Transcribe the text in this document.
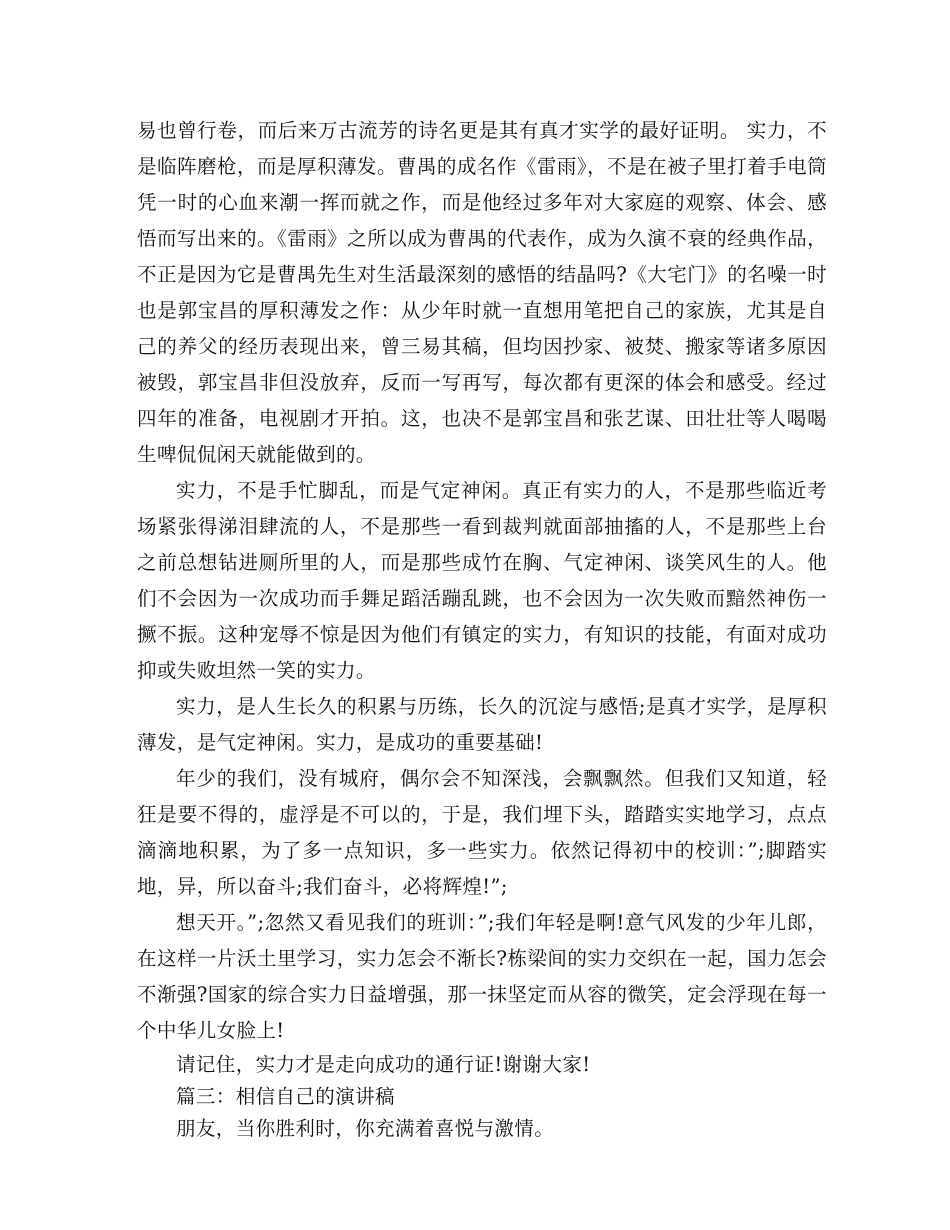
易也曾行卷，而后来万古流芳的诗名更是其有真才实学的最好证明。 实力，不是临阵磨枪，而是厚积薄发。曹禺的成名作《雷雨》，不是在被子里打着手电筒凭一时的心血来潮一挥而就之作，而是他经过多年对大家庭的观察、体会、感悟而写出来的。《雷雨》之所以成为曹禺的代表作，成为久演不衰的经典作品，不正是因为它是曹禺先生对生活最深刻的感悟的结晶吗?《大宅门》的名噪一时也是郭宝昌的厚积薄发之作：从少年时就一直想用笔把自己的家族，尤其是自己的养父的经历表现出来，曾三易其稿，但均因抄家、被焚、搬家等诸多原因被毁，郭宝昌非但没放弃，反而一写再写，每次都有更深的体会和感受。经过四年的准备，电视剧才开拍。这，也决不是郭宝昌和张艺谋、田壮壮等人喝喝生啤侃侃闲天就能做到的。

实力，不是手忙脚乱，而是气定神闲。真正有实力的人，不是那些临近考场紧张得涕泪肆流的人，不是那些一看到裁判就面部抽搐的人，不是那些上台之前总想钻进厕所里的人，而是那些成竹在胸、气定神闲、谈笑风生的人。他们不会因为一次成功而手舞足蹈活蹦乱跳，也不会因为一次失败而黯然神伤一撅不振。这种宠辱不惊是因为他们有镇定的实力，有知识的技能，有面对成功抑或失败坦然一笑的实力。

实力，是人生长久的积累与历练，长久的沉淀与感悟;是真才实学，是厚积薄发，是气定神闲。实力，是成功的重要基础!

年少的我们，没有城府，偶尔会不知深浅，会飘飘然。但我们又知道，轻狂是要不得的，虚浮是不可以的，于是，我们埋下头，踏踏实实地学习，点点滴滴地积累，为了多一点知识，多一些实力。依然记得初中的校训：”;脚踏实地，异，所以奋斗;我们奋斗，必将辉煌!”;

想天开。”;忽然又看见我们的班训：”;我们年轻是啊!意气风发的少年儿郎，在这样一片沃土里学习，实力怎会不渐长?栋梁间的实力交织在一起，国力怎会不渐强?国家的综合实力日益增强，那一抹坚定而从容的微笑，定会浮现在每一个中华儿女脸上!

请记住，实力才是走向成功的通行证!谢谢大家!

篇三：相信自己的演讲稿

朋友，当你胜利时，你充满着喜悦与激情。
